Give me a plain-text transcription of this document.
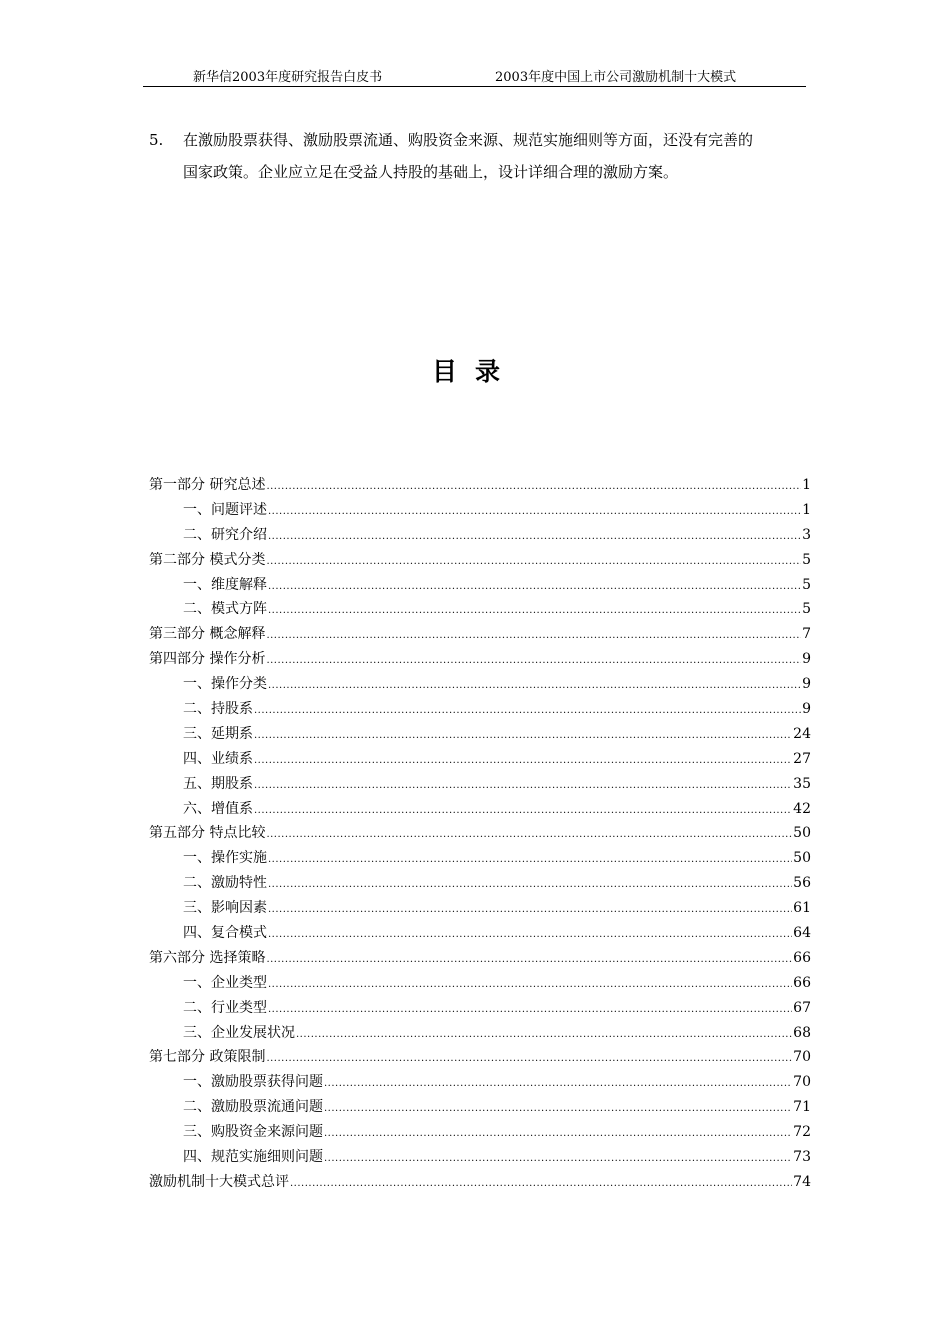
新华信2003年度研究报告白皮书	2003年度中国上市公司激励机制十大模式
5. 在激励股票获得、激励股票流通、购股资金来源、规范实施细则等方面，还没有完善的
国家政策。企业应立足在受益人持股的基础上，设计详细合理的激励方案。
目录
第一部分 研究总述 .....	1
一、问题评述 .....	1
二、研究介绍 .....	3
第二部分 模式分类 .....	5
一、维度解释 .....	5
二、模式方阵 .....	5
第三部分 概念解释 .....	7
第四部分 操作分析 .....	9
一、操作分类 .....	9
二、持股系 .....	9
三、延期系 .....	24
四、业绩系 .....	27
五、期股系 .....	35
六、增值系 .....	42
第五部分 特点比较 .....	50
一、操作实施 .....	50
二、激励特性 .....	56
三、影响因素 .....	61
四、复合模式 .....	64
第六部分 选择策略 .....	66
一、企业类型 .....	66
二、行业类型 .....	67
三、企业发展状况 .....	68
第七部分 政策限制 .....	70
一、激励股票获得问题 .....	70
二、激励股票流通问题 .....	71
三、购股资金来源问题 .....	72
四、规范实施细则问题 .....	73
激励机制十大模式总评 .....	74
